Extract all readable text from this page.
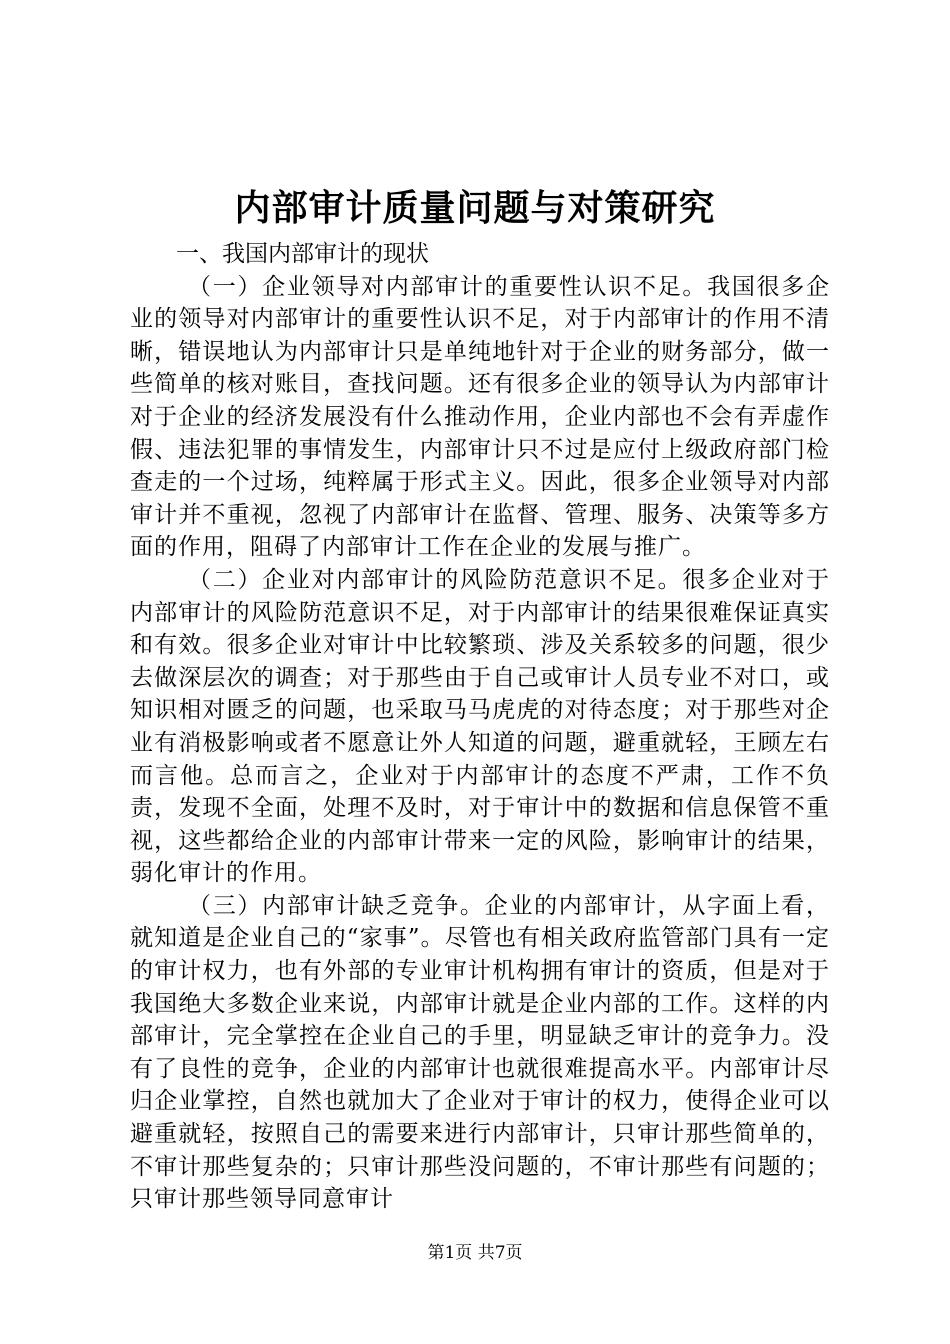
内部审计质量问题与对策研究

一、我国内部审计的现状

（一）企业领导对内部审计的重要性认识不足。我国很多企业的领导对内部审计的重要性认识不足，对于内部审计的作用不清晰，错误地认为内部审计只是单纯地针对于企业的财务部分，做一些简单的核对账目，查找问题。还有很多企业的领导认为内部审计对于企业的经济发展没有什么推动作用，企业内部也不会有弄虚作假、违法犯罪的事情发生，内部审计只不过是应付上级政府部门检查走的一个过场，纯粹属于形式主义。因此，很多企业领导对内部审计并不重视，忽视了内部审计在监督、管理、服务、决策等多方面的作用，阻碍了内部审计工作在企业的发展与推广。

（二）企业对内部审计的风险防范意识不足。很多企业对于内部审计的风险防范意识不足，对于内部审计的结果很难保证真实和有效。很多企业对审计中比较繁琐、涉及关系较多的问题，很少去做深层次的调查；对于那些由于自己或审计人员专业不对口，或知识相对匮乏的问题，也采取马马虎虎的对待态度；对于那些对企业有消极影响或者不愿意让外人知道的问题，避重就轻，王顾左右而言他。总而言之，企业对于内部审计的态度不严肃，工作不负责，发现不全面，处理不及时，对于审计中的数据和信息保管不重视，这些都给企业的内部审计带来一定的风险，影响审计的结果，弱化审计的作用。

（三）内部审计缺乏竞争。企业的内部审计，从字面上看，就知道是企业自己的“家事”。尽管也有相关政府监管部门具有一定的审计权力，也有外部的专业审计机构拥有审计的资质，但是对于我国绝大多数企业来说，内部审计就是企业内部的工作。这样的内部审计，完全掌控在企业自己的手里，明显缺乏审计的竞争力。没有了良性的竞争，企业的内部审计也就很难提高水平。内部审计尽归企业掌控，自然也就加大了企业对于审计的权力，使得企业可以避重就轻，按照自己的需要来进行内部审计，只审计那些简单的，不审计那些复杂的；只审计那些没问题的，不审计那些有问题的；只审计那些领导同意审计

第1页 共7页
